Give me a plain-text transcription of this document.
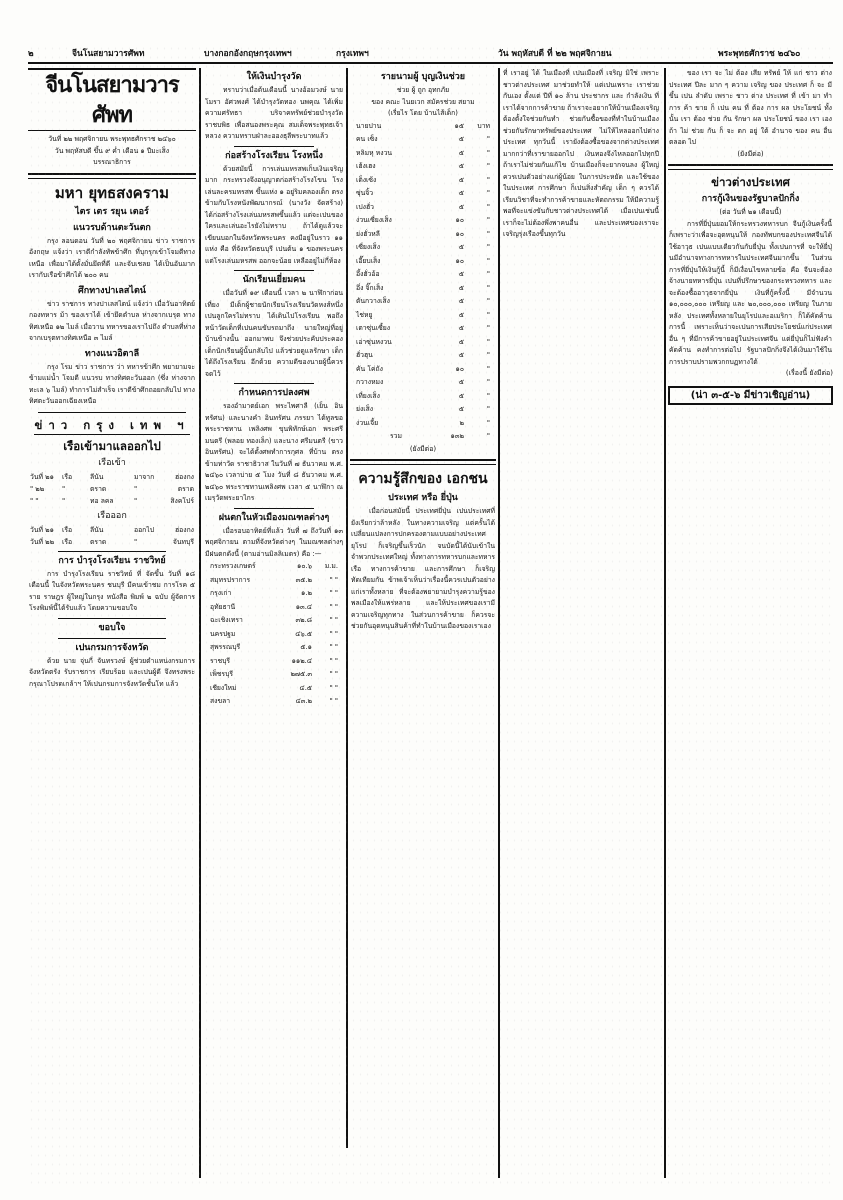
๒	จีนโนสยามวารศัพท	บางกอกอังกฤษกรุงเทพฯ	กรุงเทพฯ	วัน พฤหัสบดี ที่ ๒๒ พฤศจิกายน	พระพุทธศักราช ๒๔๖๐
จีนโนสยามวารศัพท
วันที่ ๒๒ พฤศจิกายน พระพุทธศักราช ๒๔๖๐
วัน พฤหัสบดี ขึ้น ๙ ค่ำ เดือน ๑ ปีมะเส็ง
บรรณาธิการ
มหา ยุทธสงคราม
ไตร เตร รยุน เตอร์
แนวรบด้านตะวันตก
กรุง ลอนดอน วันที่ ๒๐ พฤศจิกายน ข่าว ราชการ อังกฤษ แจ้งว่า เราตีกำลังทัพข้าศึก ที่บุกรุกเข้าโจมตีทางเหนือ เพื่อมาได้ตั้งมั่นยึดที่ดี และจับเชลย ได้เป็นอันมาก เรากับเรือข้าศึกได้ ๒๐๐ คน
ศึกทางปาเลสไตน์
ข่าว ราชการ ทางปาเลสไตน์ แจ้งว่า เมื่อวันอาทิตย์ กองทหาร ม้า ของเราได้ เข้ายึดตำบล ห่างจากเบรุต ทางทิศเหนือ ๑๒ ไมล์ เมื่อวาน ทหารของเราไปถึง ตำบลที่ห่างจากเบรุตทางทิศเหนือ ๓ ไมล์
ทางแนวอิตาลี
กรุง โรม ข่าว ราชการ ว่า ทหารข้าศึก พยายามจะข้ามแม่น้ำ โจมตี แนวรบ ทางทิศตะวันออก (ซึ่ง ห่างจาก ทะเล ๖ ไมล์) ทำการไม่สำเร็จ เราตีข้าศึกถอยกลับไป ทางทิศตะวันออกเฉียงเหนือ
ข่าว กรุง เทพ ฯ
เรือเข้ามาแลออกไป
เรือเข้า
วันที่ ๒๑	เรือ	ลีนัน	มาจาก	ฮ่องกง
" ๒๒	"	ตราด	"	ตราด
" "	"	ทอ ลคล	"	สิงคโปร์
เรือออก
วันที่ ๒๑	เรือ	ลีนัน	ออกไป	ฮ่องกง
วันที่ ๒๒	เรือ	ตราด	"	จันทบุรี
การ บำรุงโรงเรียน ราชวิทย์
การ บำรุงโรงเรียน ราชวิทย์ ที่ จัดขึ้น วันที่ ๑๘ เดือนนี้ ในจังหวัดพระนคร ชนบุรี มีคนเข้าชม การโรค ๕ ราย ราษฎร ผู้ใหญ่ในกรุง หนังสือ พิมพ์ ๒ ฉบับ ผู้จัดการโรงพิมพ์นี้ได้รับแล้ว โดยความขอบใจ
ขอบใจ
เปนกรมการจังหวัด
ด้วย นาย จุ่นกี่ จันทรวงษ์ ผู้ช่วยตำแหน่งกรมการจังหวัดตรัง รับราชการ เรียบร้อย และเปนผู้ดี จึงทรงพระกรุณาโปรดเกล้าฯ ให้เปนกรมการจังหวัดชั้นโท แล้ว
ให้เงินบำรุงวัด
ทราบว่าเมื่อต้นเดือนนี้ นางอ้อมวงษ์ นายโมรา อัศวพงศ์ ได้บำรุงวัดทอง นพคุณ ได้เพิ่ม ความศรัทธา บริจาคทรัพย์ช่วยบำรุงวัด ราชบพิธ เพื่อสนองพระคุณ สมเด็จพระพุทธเจ้าหลวง ความทราบฝ่าละอองธุลีพระบาทแล้ว
ก่อสร้างโรงเรียน โรงหนึ่ง
ด้วยสมัยนี้ การเล่นมหรสพเก็บเงินเจริญมาก กระทรวงจึงอนุญาตก่อสร้างโรงโขน โรงเล่นละครมหรสพ ขึ้นแห่ง ๑ อยู่ริมคลองเด็ก ตรงข้ามกับโรงหนังพัฒนากรณ์ (นางวัง จัดสร้าง) ได้ก่อสร้างโรงเล่นมหรสพขึ้นแล้ว แต่จะเปนของใครและเล่นอะไรยังไม่ทราบ ถ้าได้ดูแล้วจะเขียนบอกในจังหวัดพระนคร คงมีอยู่ในราว ๑๑ แห่ง คือ ที่จังหวัดธนบุรี เปนต้น ๑ ของพระนคร แต่โรงเล่นมหรสพ ออกจะน้อย เหลืออยู่ไม่กี่ห้อง
นักเรียนเยี่ยมคน
เมื่อวันที่ ๑๙ เดือนนี้ เวลา ๒ นาฬิกาก่อนเที่ยง มีเด็กผู้ชายนักเรียนโรงเรียนวัดหงส์หนึ่ง เปนลูกใครไม่ทราบ ได้เดินไปโรงเรียน พอถึงหน้าวัดเด็กที่เปนคนขับรถมาถึง นายใหญ่ที่อยู่บ้านข้างนั้น ออกมาพบ จึงช่วยประคับประคองเด็กนักเรียนผู้นั้นกลับไป แล้วช่วยดูแลรักษา เด็กได้ถึงโรงเรียน อีกด้วย ความดีของนายผู้นี้ควรจดไว้
กำหนดการปลงศพ
รองอำมาตย์เอก พระไพศาลี (เย็น อินทรัศน) และนางคำ อินทรัศน ภรรยา ได้ทูลขอพระราชทาน เพลิงศพ ขุนพิทักษ์เอก พระศรีมนตรี (พลอย ทองเล็ก) และนาง ศรีมนตรี (ขาว อินทรัศน) จะได้ตั้งศพทำการกุศล ที่บ้าน ตรงข้ามท่าวัด ราชาธิวาส ในวันที่ ๗ ธันวาคม พ.ศ. ๒๔๖๐ เวลาบ่าย ๕ โมง วันที่ ๘ ธันวาคม พ.ศ. ๒๔๖๐ พระราชทานเพลิงศพ เวลา ๕ นาฬิกา ณ เมรุวัดพระยาไกร
ฝนตกในหัวเมืองมณฑลต่างๆ
เมื่อรอบอาทิตย์ที่แล้ว วันที่ ๗ ถึงวันที่ ๑๓ พฤศจิกายน ตามที่จังหวัดต่างๆ ในมณฑลต่างๆ มีฝนตกดังนี้ (ตามอ่านมิลลิเมตร) คือ :—
กระทรวงเกษตร์	๑๐.๖	ม.ม.
สมุทรปราการ	๓๕.๒	" "
กรุงเก่า	๑.๒	" "
อุทัยธานี	๑๓.๔	" "
ฉะเชิงเทรา	๓๒.๘	" "
นครปฐม	๔๖.๕	" "
สุพรรณบุรี	๕.๑	" "
ราชบุรี	๑๑๒.๔	" "
เพ็ชรบุรี	๒๗๕.๓	" "
เชียงใหม่	๔.๕	" "
สงขลา	๔๓.๒	" "
รายนามผู้ บุญเงินช่วย
ช่วย ผู้ ถูก อุทกภัย
ของ คณะ ไนยเวก สมัครช่วย สยาม
(เรี่ยไร โดย บ้านไส้เด็ก)
นายปาน	๑๕	บาท
คน เซ็ง	๕	"
หลิมหุ หงวน	๕	"
เฮ้งเฮง	๕	"
เต็งเซ้ง	๕	"
ซุ่นจิ้ว	๕	"
เปงฮั่ว	๕	"
ง่วนเซี่ยงเส็ง	๑๐	"
ย่งฮั่วหลี	๑๐	"
เซี่ยงเส็ง	๕	"
เอี๊ยบเส็ง	๑๐	"
อึ้งฮั่วอ้อ	๕	"
อึ่ง จิ๊กเส็ง	๕	"
ตันกวางเส็ง	๕	"
ไช่หยู	๕	"
เตาซุ่นเซี้ยง	๕	"
เอ่าซุ่นหงวน	๕	"
ฮั่วฮุน	๕	"
คัน โค่ถัง	๑๐	"
กวางหมง	๕	"
เที่ยงเส็ง	๕	"
ย่งเส็ง	๕	"
ง่วนเจี้ย	๒	"
รวม	๑๓๒	"
(ยังมีต่อ)
ความรู้สึกของ เอกชน
ประเทศ หรือ ยี่ปุ่น
เมื่อก่อนสมัยนี้ ประเทศยี่ปุ่น เปนประเทศที่ยังเรียกว่าล้าหลัง ในทางความเจริญ แต่ครั้นได้เปลี่ยนแปลงการปกครองตามแบบอย่างประเทศยุโรป ก็เจริญขึ้นเร็วนัก จนบัดนี้ได้นับเข้าในจำพวกประเทศใหญ่ ทั้งทางการทหารบกและทหารเรือ ทางการค้าขาย และการศึกษา ก็เจริญทัดเทียมกัน ข้าพเจ้าเห็นว่าเรื่องนี้ควรเปนตัวอย่างแก่เราทั้งหลาย ที่จะต้องพยายามบำรุงความรู้ของพลเมืองให้แพร่หลาย และให้ประเทศของเรามีความเจริญทุกทาง ในส่วนการค้าขาย ก็ควรจะช่วยกันอุดหนุนสินค้าที่ทำในบ้านเมืองของเราเอง
ที่ เราอยู่ ได้ ในเมืองที่ เปนเมืองที่ เจริญ มิใช่ เพราะ ชาวต่างประเทศ มาช่วยทำให้ แต่เปนเพราะ เราช่วยกันเอง ตั้งแต่ ปีที่ ๑๐ ล้าน ประชากร และ กำลังเงิน ที่เราได้จากการค้าขาย ถ้าเราจะอยากให้บ้านเมืองเจริญ ต้องตั้งใจช่วยกันทำ ช่วยกันซื้อของที่ทำในบ้านเมือง ช่วยกันรักษาทรัพย์ของประเทศ ไม่ให้ไหลออกไปต่างประเทศ ทุกวันนี้ เรายังต้องซื้อของจากต่างประเทศ มากกว่าที่เราขายออกไป เงินทองจึงไหลออกไปทุกปี ถ้าเราไม่ช่วยกันแก้ไข บ้านเมืองก็จะยากจนลง ผู้ใหญ่ควรเปนตัวอย่างแก่ผู้น้อย ในการประหยัด และใช้ของในประเทศ การศึกษา ก็เปนสิ่งสำคัญ เด็ก ๆ ควรได้เรียนวิชาที่จะทำการค้าขายและหัตถกรรม ให้มีความรู้พอที่จะแข่งขันกับชาวต่างประเทศได้ เมื่อเปนเช่นนี้ เราก็จะไม่ต้องพึ่งพาคนอื่น และประเทศของเราจะเจริญรุ่งเรืองขึ้นทุกวัน
ของ เรา จะ ไม่ ต้อง เสีย ทรัพย์ ให้ แก่ ชาว ต่าง ประเทศ ปีละ มาก ๆ ความ เจริญ ของ ประเทศ ก็ จะ มี ขึ้น เปน ลำดับ เพราะ ชาว ต่าง ประเทศ ที่ เข้า มา ทำ การ ค้า ขาย ก็ เปน คน ที่ ต้อง การ ผล ประโยชน์ ทั้ง นั้น เรา ต้อง ช่วย กัน รักษา ผล ประโยชน์ ของ เรา เอง ถ้า ไม่ ช่วย กัน ก็ จะ ตก อยู่ ใต้ อำนาจ ของ คน อื่น ตลอด ไป
(ยังมีต่อ)
ข่าวต่างประเทศ
การกู้เงินของรัฐบาลปักกิ่ง
(ต่อ วันที่ ๒๑ เดือนนี้)
การที่ยี่ปุ่นยอมให้กระทรวงทหารบก จีนกู้เงินครั้งนี้ ก็เพราะว่าเพื่อจะอุดหนุนให้ กองทัพบกของประเทศจีนได้ใช้อาวุธ เปนแบบเดียวกันกับยี่ปุ่น ทั้งเปนการที่ จะให้ยี่ปุ่นมีอำนาจทางการทหารในประเทศจีนมากขึ้น ในส่วนการที่ยี่ปุ่นให้เงินกู้นี้ ก็มีเงื่อนไขหลายข้อ คือ จีนจะต้องจ้างนายทหารยี่ปุ่น เปนที่ปรึกษาของกระทรวงทหาร และจะต้องซื้ออาวุธจากยี่ปุ่น เงินที่กู้ครั้งนี้ มีจำนวน ๑๐,๐๐๐,๐๐๐ เหรียญ และ ๒๐,๐๐๐,๐๐๐ เหรียญ ในภายหลัง ประเทศทั้งหลายในยุโรปและอเมริกา ก็ได้คัดค้านการนี้ เพราะเห็นว่าจะเปนการเสียประโยชน์แก่ประเทศอื่น ๆ ที่มีการค้าขายอยู่ในประเทศจีน แต่ยี่ปุ่นก็ไม่ฟังคำคัดค้าน คงทำการต่อไป รัฐบาลปักกิ่งจึงได้เงินมาใช้ในการปราบปรามพวกกบฏทางใต้
(เรื่องนี้ ยังมีต่อ)
(น่า ๓-๕-๖ มีข่าวเชิญอ่าน)
